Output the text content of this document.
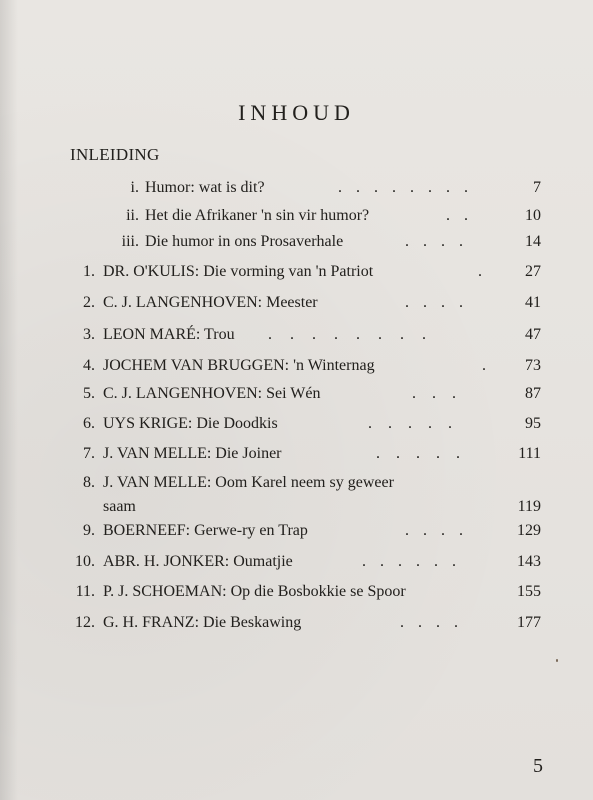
INHOUD
INLEIDING
i. Humor: wat is dit?	. . . . . . . .	7
ii. Het die Afrikaner 'n sin vir humor?	. .	10
iii. Die humor in ons Prosaverhale	. . . .	14
1. DR. O'KULIS: Die vorming van 'n Patriot	.	27
2. C. J. LANGENHOVEN: Meester	. . . .	41
3. LEON MARÉ: Trou . . . . . . . .	47
4. JOCHEM VAN BRUGGEN: 'n Winternag	. 73
5. C. J. LANGENHOVEN: Sei Wén	. . .	87
6. UYS KRIGE: Die Doodkis	. . . . .	95
7. J. VAN MELLE: Die Joiner	. . . . .	111
8. J. VAN MELLE: Oom Karel neem sy geweer
saam	119
9. BOERNEEF: Gerwe-ry en Trap	. . . .	129
10. ABR. H. JONKER: Oumatjie	. . . . . .	143
11. P. J. SCHOEMAN: Op die Bosbokkie se Spoor	155
12. G. H. FRANZ: Die Beskawing	. . . .	177
5
